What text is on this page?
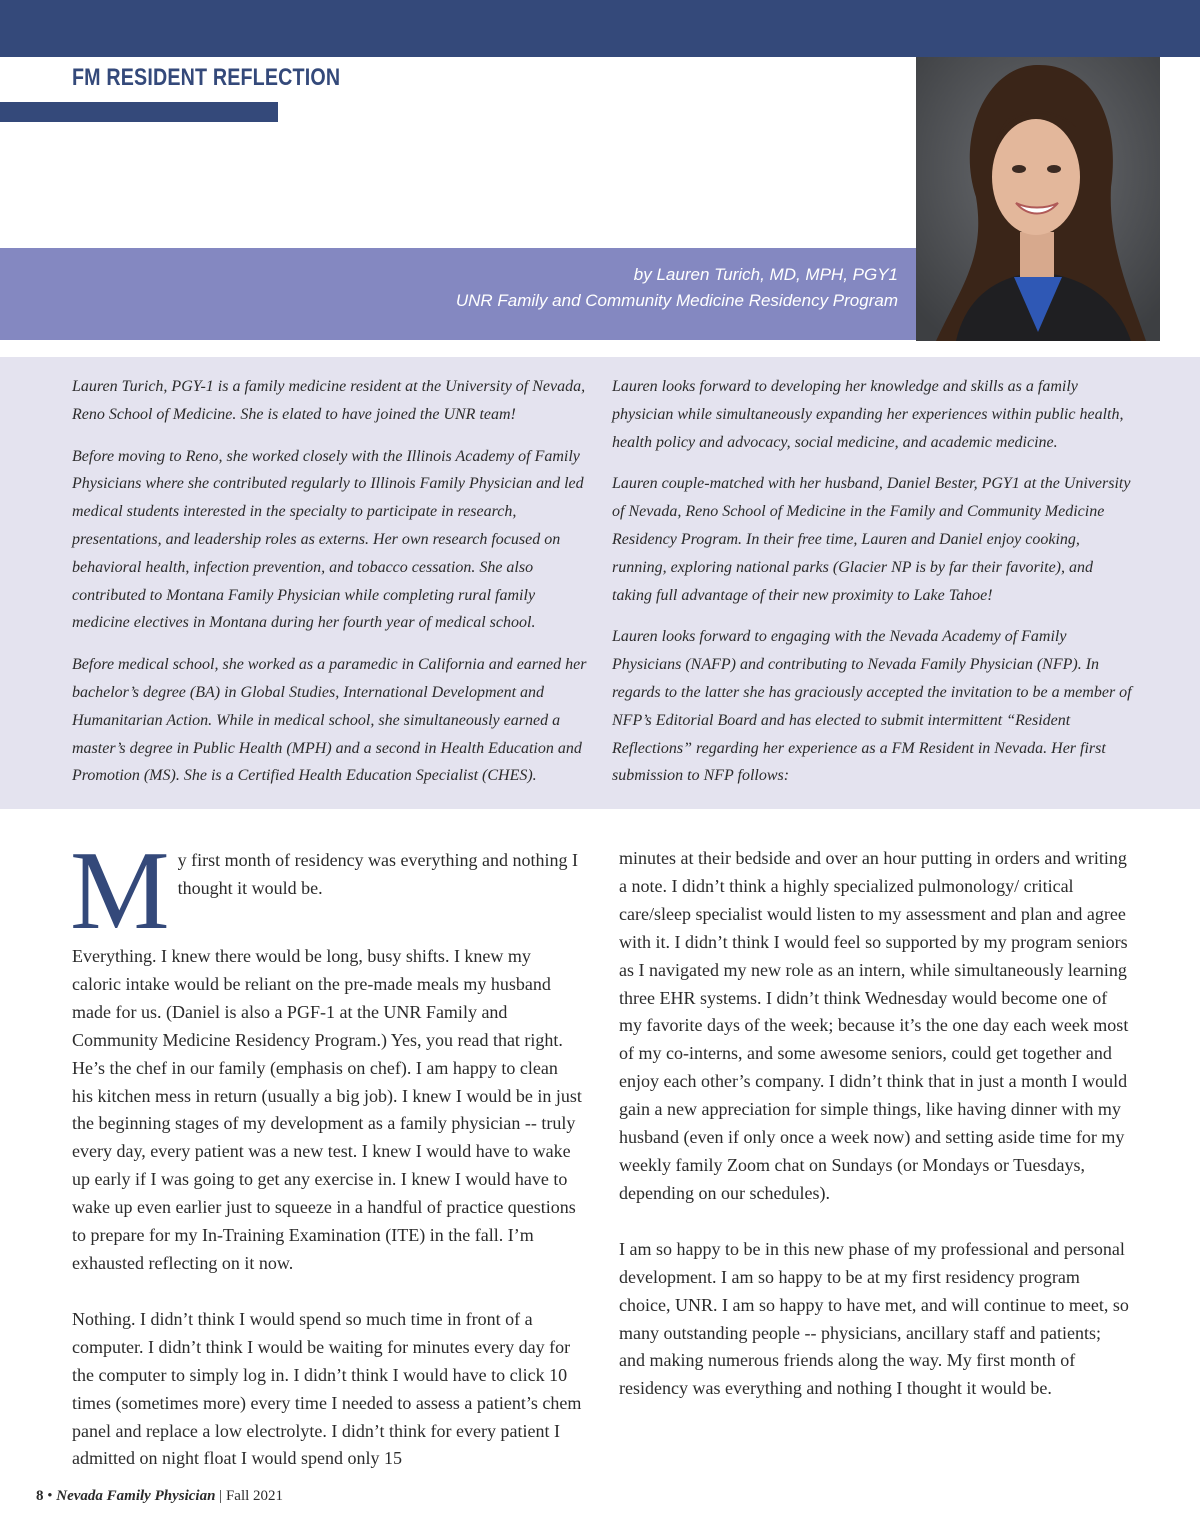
FM RESIDENT REFLECTION
by Lauren Turich, MD, MPH, PGY1
UNR Family and Community Medicine Residency Program

Lauren Turich, PGY-1 is a family medicine resident at the University of Nevada, Reno School of Medicine. She is elated to have joined the UNR team!

Before moving to Reno, she worked closely with the Illinois Academy of Family Physicians where she contributed regularly to Illinois Family Physician and led medical students interested in the specialty to participate in research, presentations, and leadership roles as externs. Her own research focused on behavioral health, infection prevention, and tobacco cessation. She also contributed to Montana Family Physician while completing rural family medicine electives in Montana during her fourth year of medical school.

Before medical school, she worked as a paramedic in California and earned her bachelor’s degree (BA) in Global Studies, International Development and Humanitarian Action. While in medical school, she simultaneously earned a master’s degree in Public Health (MPH) and a second in Health Education and Promotion (MS). She is a Certified Health Education Specialist (CHES).

Lauren looks forward to developing her knowledge and skills as a family physician while simultaneously expanding her experiences within public health, health policy and advocacy, social medicine, and academic medicine.

Lauren couple-matched with her husband, Daniel Bester, PGY1 at the University of Nevada, Reno School of Medicine in the Family and Community Medicine Residency Program. In their free time, Lauren and Daniel enjoy cooking, running, exploring national parks (Glacier NP is by far their favorite), and taking full advantage of their new proximity to Lake Tahoe!

Lauren looks forward to engaging with the Nevada Academy of Family Physicians (NAFP) and contributing to Nevada Family Physician (NFP). In regards to the latter she has graciously accepted the invitation to be a member of NFP’s Editorial Board and has elected to submit intermittent “Resident Reflections” regarding her experience as a FM Resident in Nevada. Her first submission to NFP follows:

M y first month of residency was everything and nothing I thought it would be.

Everything. I knew there would be long, busy shifts. I knew my caloric intake would be reliant on the pre-made meals my husband made for us. (Daniel is also a PGF-1 at the UNR Family and Community Medicine Residency Program.) Yes, you read that right. He’s the chef in our family (emphasis on chef). I am happy to clean his kitchen mess in return (usually a big job). I knew I would be in just the beginning stages of my development as a family physician -- truly every day, every patient was a new test. I knew I would have to wake up early if I was going to get any exercise in. I knew I would have to wake up even earlier just to squeeze in a handful of practice questions to prepare for my In-Training Examination (ITE) in the fall. I’m exhausted reflecting on it now.

Nothing. I didn’t think I would spend so much time in front of a computer. I didn’t think I would be waiting for minutes every day for the computer to simply log in. I didn’t think I would have to click 10 times (sometimes more) every time I needed to assess a patient’s chem panel and replace a low electrolyte. I didn’t think for every patient I admitted on night float I would spend only 15

minutes at their bedside and over an hour putting in orders and writing a note. I didn’t think a highly specialized pulmonology/ critical care/sleep specialist would listen to my assessment and plan and agree with it. I didn’t think I would feel so supported by my program seniors as I navigated my new role as an intern, while simultaneously learning three EHR systems. I didn’t think Wednesday would become one of my favorite days of the week; because it’s the one day each week most of my co-interns, and some awesome seniors, could get together and enjoy each other’s company. I didn’t think that in just a month I would gain a new appreciation for simple things, like having dinner with my husband (even if only once a week now) and setting aside time for my weekly family Zoom chat on Sundays (or Mondays or Tuesdays, depending on our schedules).

I am so happy to be in this new phase of my professional and personal development. I am so happy to be at my first residency program choice, UNR. I am so happy to have met, and will continue to meet, so many outstanding people -- physicians, ancillary staff and patients; and making numerous friends along the way. My first month of residency was everything and nothing I thought it would be.

8 • Nevada Family Physician | Fall 2021
